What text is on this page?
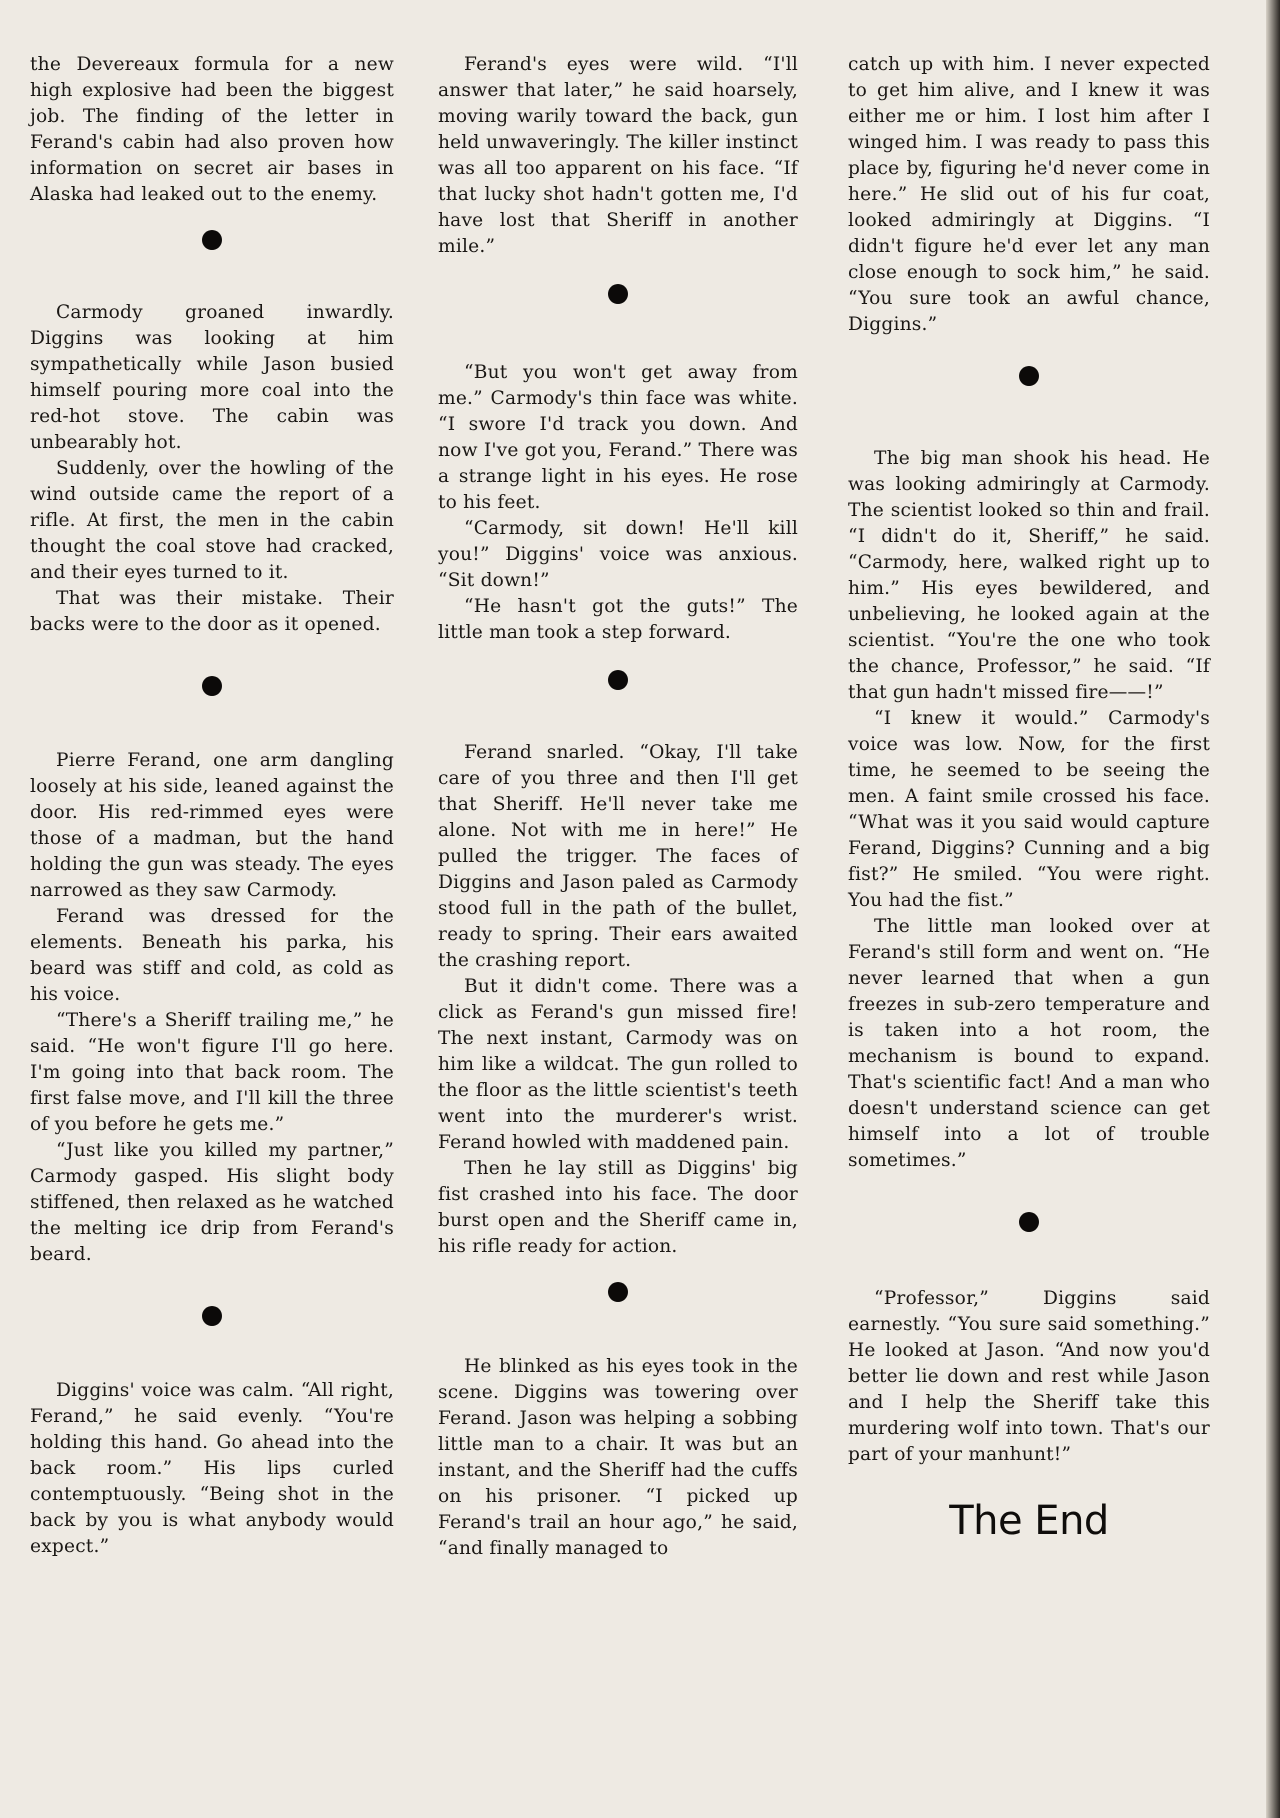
the Devereaux formula for a new high explosive had been the biggest job. The finding of the letter in Ferand's cabin had also proven how information on secret air bases in Alaska had leaked out to the enemy.

Carmody groaned inwardly. Diggins was looking at him sympathetically while Jason busied himself pouring more coal into the red-hot stove. The cabin was unbearably hot.

Suddenly, over the howling of the wind outside came the report of a rifle. At first, the men in the cabin thought the coal stove had cracked, and their eyes turned to it.

That was their mistake. Their backs were to the door as it opened.

Pierre Ferand, one arm dangling loosely at his side, leaned against the door. His red-rimmed eyes were those of a madman, but the hand holding the gun was steady. The eyes narrowed as they saw Carmody.

Ferand was dressed for the elements. Beneath his parka, his beard was stiff and cold, as cold as his voice.

“There's a Sheriff trailing me,” he said. “He won't figure I'll go here. I'm going into that back room. The first false move, and I'll kill the three of you before he gets me.”

“Just like you killed my partner,” Carmody gasped. His slight body stiffened, then relaxed as he watched the melting ice drip from Ferand's beard.

Diggins' voice was calm. “All right, Ferand,” he said evenly. “You're holding this hand. Go ahead into the back room.” His lips curled contemptuously. “Being shot in the back by you is what anybody would expect.”

Ferand's eyes were wild. “I'll answer that later,” he said hoarsely, moving warily toward the back, gun held unwaveringly. The killer instinct was all too apparent on his face. “If that lucky shot hadn't gotten me, I'd have lost that Sheriff in another mile.”

“But you won't get away from me.” Carmody's thin face was white. “I swore I'd track you down. And now I've got you, Ferand.” There was a strange light in his eyes. He rose to his feet.

“Carmody, sit down! He'll kill you!” Diggins' voice was anxious. “Sit down!”

“He hasn't got the guts!” The little man took a step forward.

Ferand snarled. “Okay, I'll take care of you three and then I'll get that Sheriff. He'll never take me alone. Not with me in here!” He pulled the trigger. The faces of Diggins and Jason paled as Carmody stood full in the path of the bullet, ready to spring. Their ears awaited the crashing report.

But it didn't come. There was a click as Ferand's gun missed fire! The next instant, Carmody was on him like a wildcat. The gun rolled to the floor as the little scientist's teeth went into the murderer's wrist. Ferand howled with maddened pain.

Then he lay still as Diggins' big fist crashed into his face. The door burst open and the Sheriff came in, his rifle ready for action.

He blinked as his eyes took in the scene. Diggins was towering over Ferand. Jason was helping a sobbing little man to a chair. It was but an instant, and the Sheriff had the cuffs on his prisoner. “I picked up Ferand's trail an hour ago,” he said, “and finally managed to

catch up with him. I never expected to get him alive, and I knew it was either me or him. I lost him after I winged him. I was ready to pass this place by, figuring he'd never come in here.” He slid out of his fur coat, looked admiringly at Diggins. “I didn't figure he'd ever let any man close enough to sock him,” he said. “You sure took an awful chance, Diggins.”

The big man shook his head. He was looking admiringly at Carmody. The scientist looked so thin and frail. “I didn't do it, Sheriff,” he said. “Carmody, here, walked right up to him.” His eyes bewildered, and unbelieving, he looked again at the scientist. “You're the one who took the chance, Professor,” he said. “If that gun hadn't missed fire——!”

“I knew it would.” Carmody's voice was low. Now, for the first time, he seemed to be seeing the men. A faint smile crossed his face. “What was it you said would capture Ferand, Diggins? Cunning and a big fist?” He smiled. “You were right. You had the fist.”

The little man looked over at Ferand's still form and went on. “He never learned that when a gun freezes in sub-zero temperature and is taken into a hot room, the mechanism is bound to expand. That's scientific fact! And a man who doesn't understand science can get himself into a lot of trouble sometimes.”

“Professor,” Diggins said earnestly. “You sure said something.” He looked at Jason. “And now you'd better lie down and rest while Jason and I help the Sheriff take this murdering wolf into town. That's our part of your manhunt!”

The End
